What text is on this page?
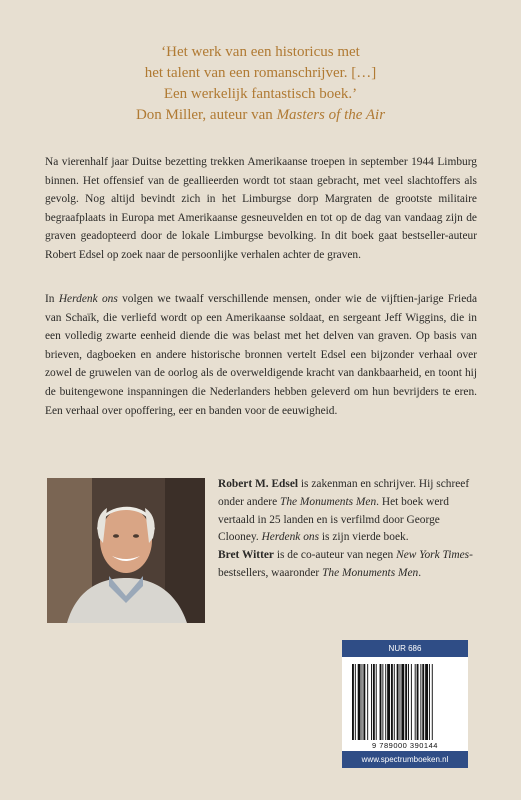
‘Het werk van een historicus met
het talent van een romanschrijver. […]
Een werkelijk fantastisch boek.’
Don Miller, auteur van Masters of the Air

Na vierenhalf jaar Duitse bezetting trekken Amerikaanse troepen in september 1944 Limburg binnen. Het offensief van de geallieerden wordt tot staan gebracht, met veel slachtoffers als gevolg. Nog altijd bevindt zich in het Limburgse dorp Margraten de grootste militaire begraafplaats in Europa met Amerikaanse gesneuvelden en tot op de dag van vandaag zijn de graven geadopteerd door de lokale Limburgse bevolking. In dit boek gaat bestseller-auteur Robert Edsel op zoek naar de persoonlijke verhalen achter de graven.

In Herdenk ons volgen we twaalf verschillende mensen, onder wie de vijftien-jarige Frieda van Schaïk, die verliefd wordt op een Amerikaanse soldaat, en sergeant Jeff Wiggins, die in een volledig zwarte eenheid diende die was belast met het delven van graven. Op basis van brieven, dagboeken en andere historische bronnen vertelt Edsel een bijzonder verhaal over zowel de gruwelen van de oorlog als de overweldigende kracht van dankbaarheid, en toont hij de buitengewone inspanningen die Nederlanders hebben geleverd om hun bevrijders te eren. Een verhaal over opoffering, eer en banden voor de eeuwigheid.

Robert M. Edsel is zakenman en schrijver. Hij schreef onder andere The Monuments Men. Het boek werd vertaald in 25 landen en is verfilmd door George Clooney. Herdenk ons is zijn vierde boek.
Bret Witter is de co-auteur van negen New York Times-bestsellers, waaronder The Monuments Men.
NUR 686
9 789000 390144
www.spectrumboeken.nl
